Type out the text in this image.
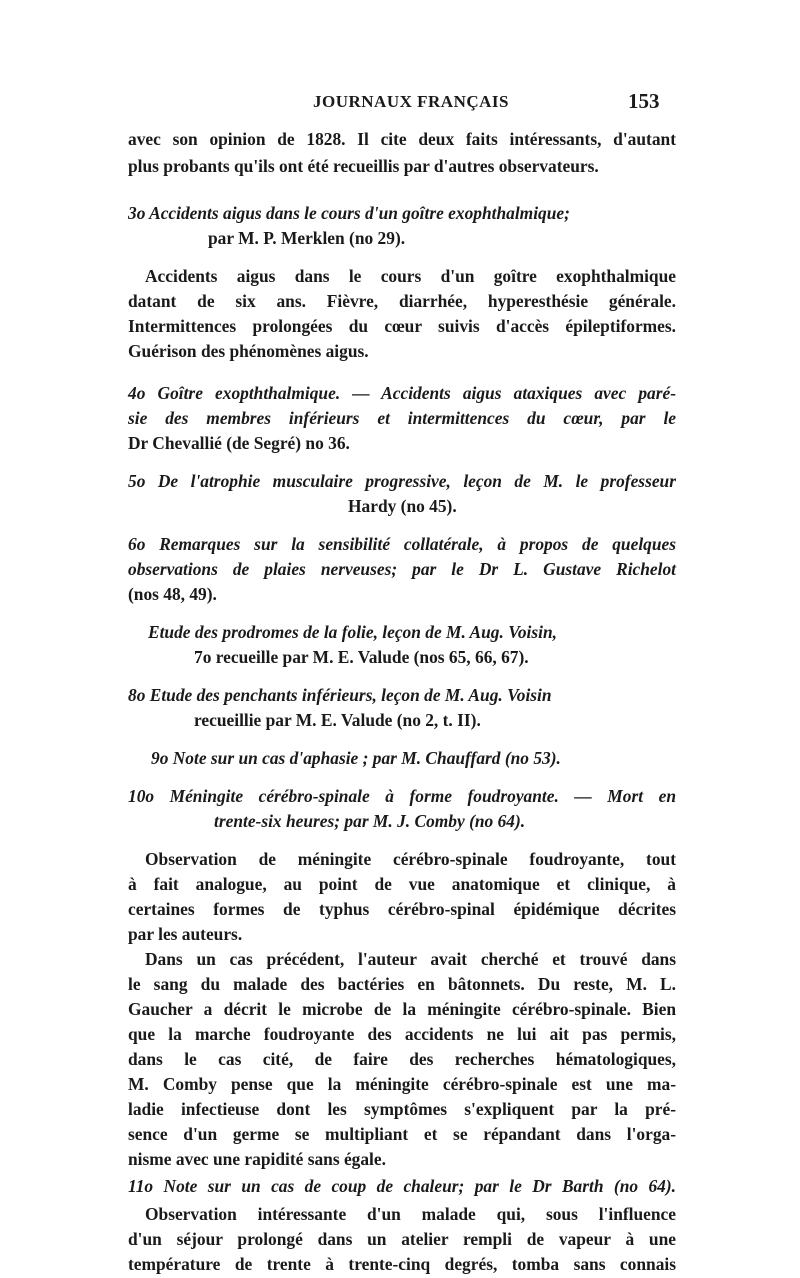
JOURNAUX FRANÇAIS	153
avec son opinion de 1828. Il cite deux faits intéressants, d'autant
plus probants qu'ils ont été recueillis par d'autres observateurs.
3o Accidents aigus dans le cours d'un goître exophthalmique;
par M. P. Merklen (no 29).
Accidents aigus dans le cours d'un goître exophthalmique
datant de six ans. Fièvre, diarrhée, hyperesthésie générale.
Intermittences prolongées du cœur suivis d'accès épileptiformes.
Guérison des phénomènes aigus.
4o Goître exopththalmique. — Accidents aigus ataxiques avec paré-
sie des membres inférieurs et intermittences du cœur, par le
Dr Chevallié (de Segré) no 36.
5o De l'atrophie musculaire progressive, leçon de M. le professeur
Hardy (no 45).
6o Remarques sur la sensibilité collatérale, à propos de quelques
observations de plaies nerveuses; par le Dr L. Gustave Richelot
(nos 48, 49).
Etude des prodromes de la folie, leçon de M. Aug. Voisin,
7o recueille par M. E. Valude (nos 65, 66, 67).
8o Etude des penchants inférieurs, leçon de M. Aug. Voisin
recueillie par M. E. Valude (no 2, t. II).
9o Note sur un cas d'aphasie ; par M. Chauffard (no 53).
10o Méningite cérébro-spinale à forme foudroyante. — Mort en
trente-six heures; par M. J. Comby (no 64).
Observation de méningite cérébro-spinale foudroyante, tout
à fait analogue, au point de vue anatomique et clinique, à
certaines formes de typhus cérébro-spinal épidémique décrites
par les auteurs.
Dans un cas précédent, l'auteur avait cherché et trouvé dans
le sang du malade des bactéries en bâtonnets. Du reste, M. L.
Gaucher a décrit le microbe de la méningite cérébro-spinale. Bien
que la marche foudroyante des accidents ne lui ait pas permis,
dans le cas cité, de faire des recherches hématologiques,
M. Comby pense que la méningite cérébro-spinale est une ma-
ladie infectieuse dont les symptômes s'expliquent par la pré-
sence d'un germe se multipliant et se répandant dans l'orga-
nisme avec une rapidité sans égale.
11o Note sur un cas de coup de chaleur; par le Dr Barth (no 64).
Observation intéressante d'un malade qui, sous l'influence
d'un séjour prolongé dans un atelier rempli de vapeur à une
température de trente à trente-cinq degrés, tomba sans connais
